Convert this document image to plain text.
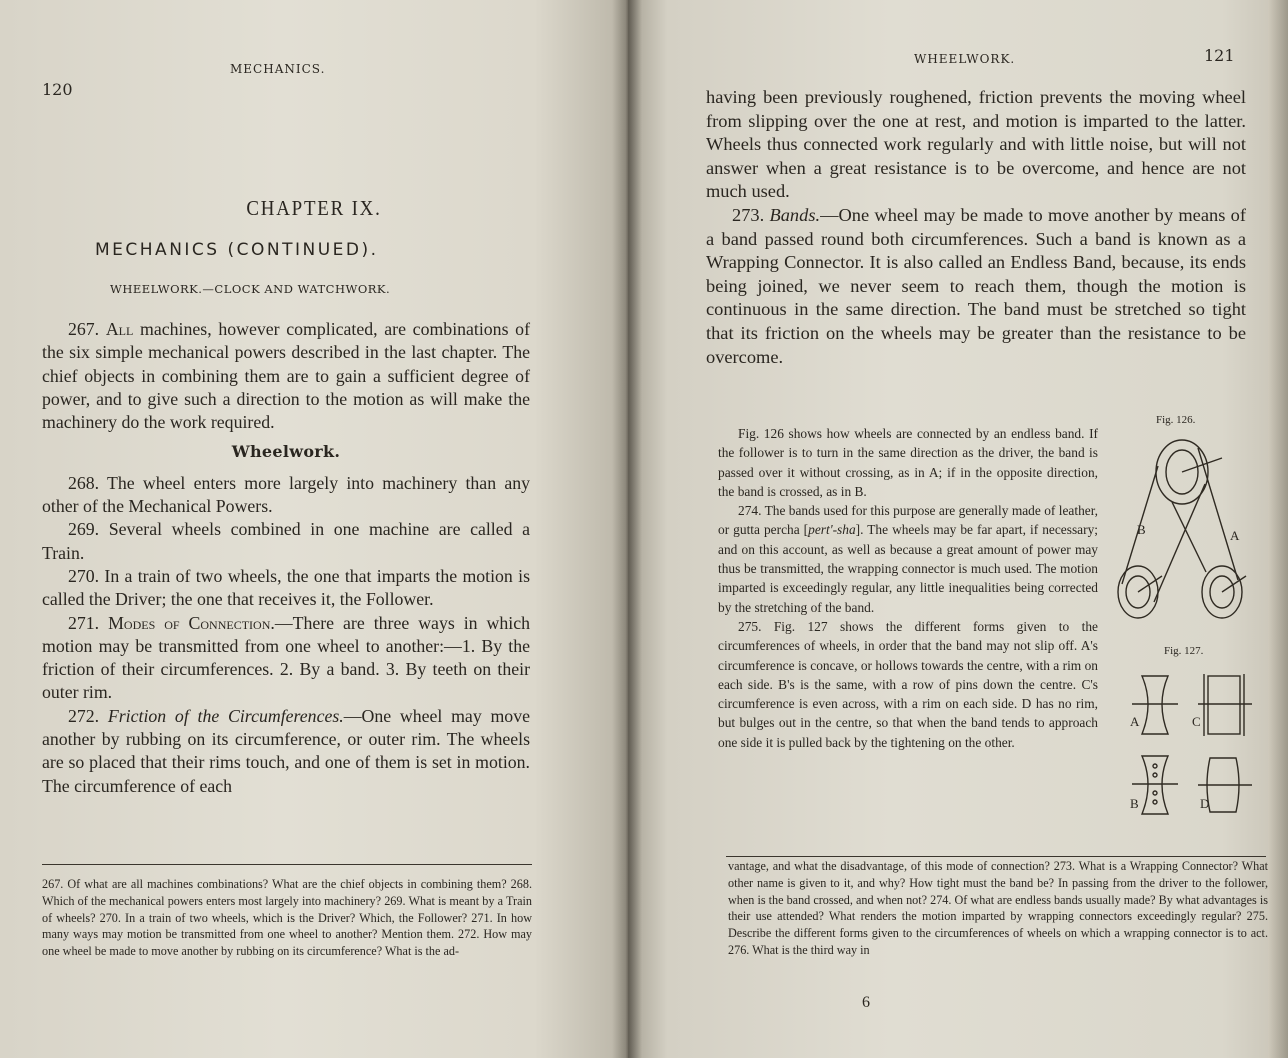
120
MECHANICS.
CHAPTER IX.
MECHANICS (CONTINUED).
WHEELWORK.—CLOCK AND WATCHWORK.

267. All machines, however complicated, are combinations of the six simple mechanical powers described in the last chapter. The chief objects in combining them are to gain a sufficient degree of power, and to give such a direction to the motion as will make the machinery do the work required.

Wheelwork.

268. The wheel enters more largely into machinery than any other of the Mechanical Powers.

269. Several wheels combined in one machine are called a Train.

270. In a train of two wheels, the one that imparts the motion is called the Driver; the one that receives it, the Follower.

271. Modes of Connection.—There are three ways in which motion may be transmitted from one wheel to another:—1. By the friction of their circumferences. 2. By a band. 3. By teeth on their outer rim.

272. Friction of the Circumferences.—One wheel may move another by rubbing on its circumference, or outer rim. The wheels are so placed that their rims touch, and one of them is set in motion. The circumference of each

267. Of what are all machines combinations? What are the chief objects in combining them? 268. Which of the mechanical powers enters most largely into machinery? 269. What is meant by a Train of wheels? 270. In a train of two wheels, which is the Driver? Which, the Follower? 271. In how many ways may motion be transmitted from one wheel to another? Mention them. 272. How may one wheel be made to move another by rubbing on its circumference? What is the ad-
WHEELWORK.	121

having been previously roughened, friction prevents the moving wheel from slipping over the one at rest, and motion is imparted to the latter. Wheels thus connected work regularly and with little noise, but will not answer when a great resistance is to be overcome, and hence are not much used.

273. Bands.—One wheel may be made to move another by means of a band passed round both circumferences. Such a band is known as a Wrapping Connector. It is also called an Endless Band, because, its ends being joined, we never seem to reach them, though the motion is continuous in the same direction. The band must be stretched so tight that its friction on the wheels may be greater than the resistance to be overcome.

Fig. 126 shows how wheels are connected by an endless band. If the follower is to turn in the same direction as the driver, the band is passed over it without crossing, as in A; if in the opposite direction, the band is crossed, as in B.

274. The bands used for this purpose are generally made of leather, or gutta percha [pert'-sha]. The wheels may be far apart, if necessary; and on this account, as well as because a great amount of power may thus be transmitted, the wrapping connector is much used. The motion imparted is exceedingly regular, any little inequalities being corrected by the stretching of the band.

275. Fig. 127 shows the different forms given to the circumferences of wheels, in order that the band may not slip off. A's circumference is concave, or hollows towards the centre, with a rim on each side. B's is the same, with a row of pins down the centre. C's circumference is even across, with a rim on each side. D has no rim, but bulges out in the centre, so that when the band tends to approach one side it is pulled back by the tightening on the other.

Fig. 126.
B	A
Fig. 127.
A	C
B	D
vantage, and what the disadvantage, of this mode of connection? 273. What is a Wrapping Connector? What other name is given to it, and why? How tight must the band be? In passing from the driver to the follower, when is the band crossed, and when not? 274. Of what are endless bands usually made? By what advantages is their use attended? What renders the motion imparted by wrapping connectors exceedingly regular? 275. Describe the different forms given to the circumferences of wheels on which a wrapping connector is to act. 276. What is the third way in
6
